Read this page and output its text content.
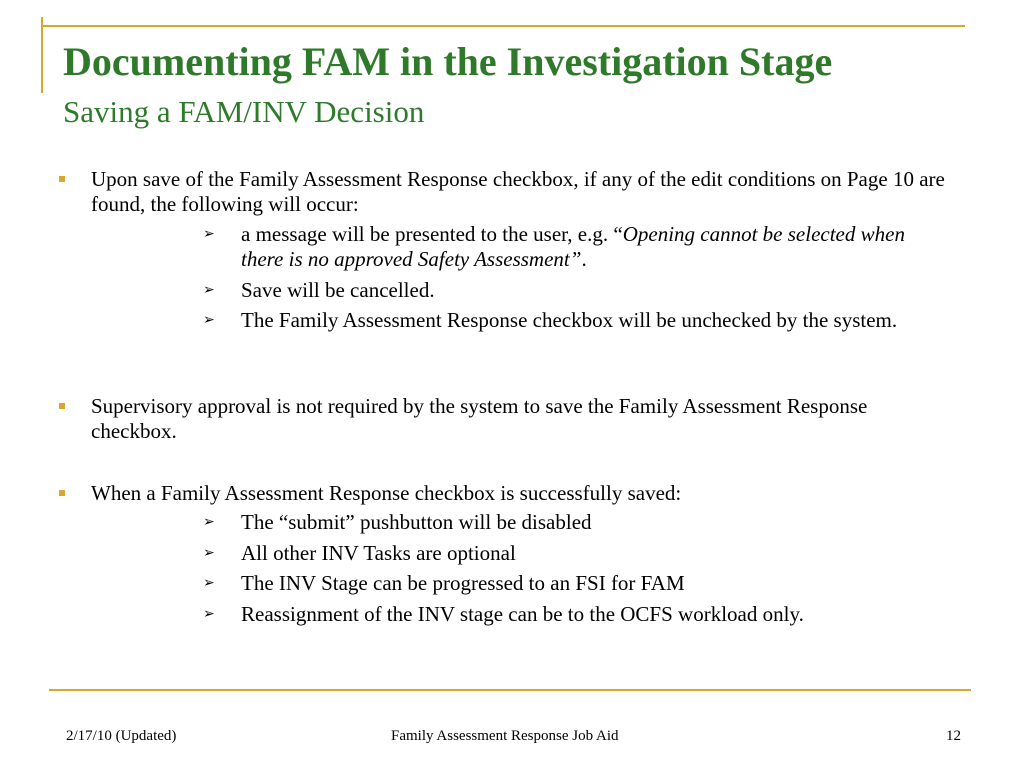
Documenting FAM in the Investigation Stage
Saving a FAM/INV Decision
Upon save of the Family Assessment Response checkbox, if any of the edit conditions on Page 10 are found, the following will occur:
➢ a message will be presented to the user, e.g. “Opening cannot be selected when there is no approved Safety Assessment”.
➢ Save will be cancelled.
➢ The Family Assessment Response checkbox will be unchecked by the system.
Supervisory approval is not required by the system to save the Family Assessment Response checkbox.
When a Family Assessment Response checkbox is successfully saved:
➢ The “submit” pushbutton will be disabled
➢ All other INV Tasks are optional
➢ The INV Stage can be progressed to an FSI for FAM
➢ Reassignment of the INV stage can be to the OCFS workload only.
2/17/10 (Updated)	Family Assessment Response Job Aid	12
